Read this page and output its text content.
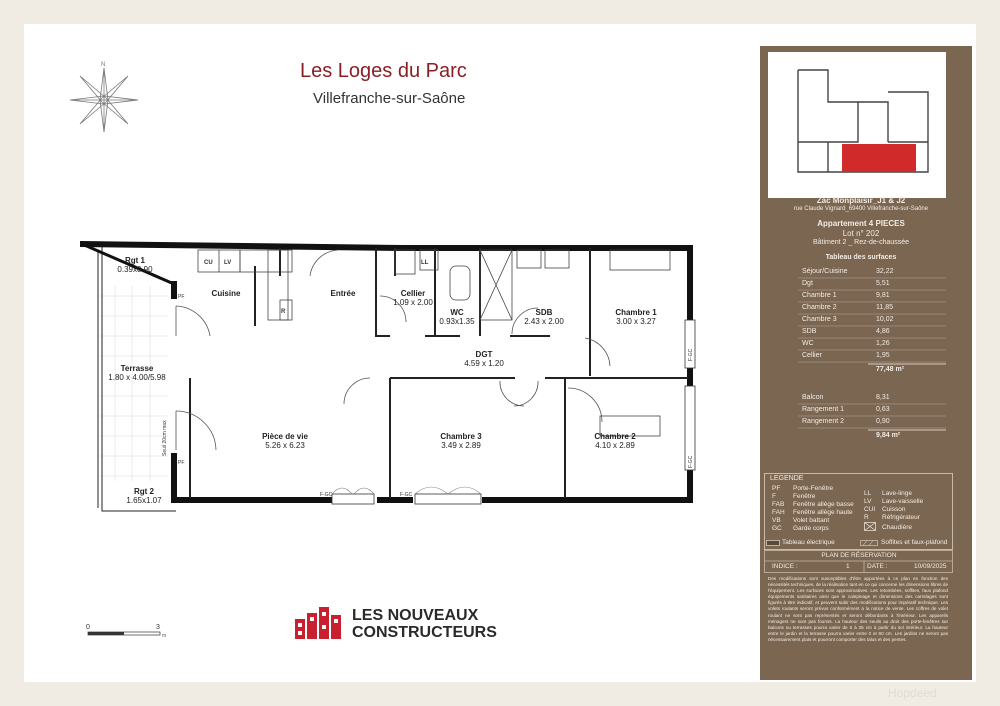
N	Les Loges du Parc
Villefranche-sur-Saône
Rgt 1
0.39x0.90
Cuisine	Entrée	Cellier
1.09 x 2.00
WC
0.93x1.35
SDB
2.43 x 2.00
Chambre 1
3.00 x 3.27
DGT
4.59 x 1.20
Terrasse
1.80 x 4.00/5.98
Pièce de vie
5.26 x 6.23
Chambre 3
3.49 x 2.89
Chambre 2
4.10 x 2.89
Rgt 2
1.65x1.07
CU LV	LL
R
PF
PF
F-GC	F-GC
F-GC
F-GC
Seuil 20cm max
0	3
m
LES NOUVEAUX
CONSTRUCTEURS
Zac Monplaisir_J1 & J2
rue Claude Vignard_69400 Villefranche-sur-Saône
Appartement 4 PIECES
Lot n° 202
Bâtiment 2 _ Rez-de-chaussée
Tableau des surfaces
Séjour/Cuisine	32,22
Dgt	5,51
Chambre 1	9,81
Chambre 2	11,85
Chambre 3	10,02
SDB	4,86
WC	1,26
Cellier	1,95
77,48 m²
Balcon	8,31
Rangement 1	0,63
Rangement 2	0,90
9,84 m²
LEGENDE
PF Porte-Fenêtre
F	Fenêtre
FAB Fenêtre allège basse
FAH Fenêtre allège haute
VB Volet battant
GC Garde corps
LL Lave-linge
LV Lave-vaisselle
CUI Cuisson
R Réfrigérateur
Chaudière
Tableau électrique	Soffites et faux-plafond
PLAN DE RÉSERVATION
INDICE :	1	DATE :	10/09/2025
Des modifications sont susceptibles d'être apportées à ce plan en fonction des nécessités techniques, de la réalisation tant en ce qui concerne les dimensions libres de l'équipement. Les surfaces sont approximatives. Les retombées, soffites, faux plafond équipements sanitaires ainsi que le calepinage et dimensions des carrelages sont figurés à titre indicatif, et peuvent subir des modifications pour impératif technique. Les volets roulants seront prévus conformément à la notice de vente. Les coffres de volet roulant ne sont pas représentés et seront débordants à l'intérieur. Les appareils ménagers ne sont pas fournis. La hauteur des seuils au droit des porte-fenêtres sur balcons ou terrasses pourra varier de 5 à 35 cm à partir du sol intérieur. La hauteur entre le jardin et la terrasse pourra varier entre 0 et 60 cm. Les jardins ne seront pas nécessairement plats et pourront comporter des talus et des pentes.
Hopdeed
